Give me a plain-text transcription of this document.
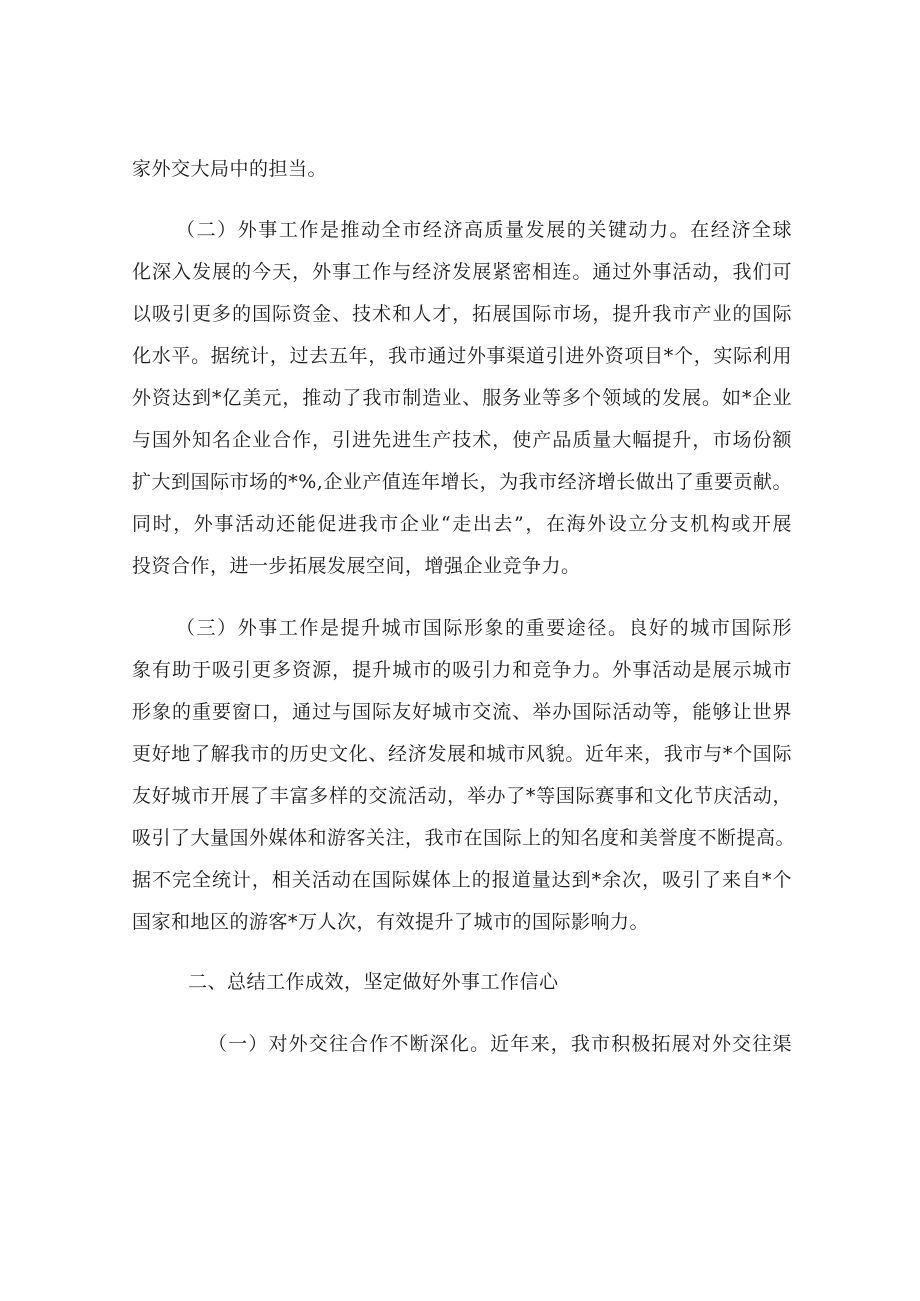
家外交大局中的担当。
（二）外事工作是推动全市经济高质量发展的关键动力。在经济全球
化深入发展的今天，外事工作与经济发展紧密相连。通过外事活动，我们可
以吸引更多的国际资金、技术和人才，拓展国际市场，提升我市产业的国际
化水平。据统计，过去五年，我市通过外事渠道引进外资项目*个，实际利用
外资达到*亿美元，推动了我市制造业、服务业等多个领域的发展。如*企业
与国外知名企业合作，引进先进生产技术，使产品质量大幅提升，市场份额
扩大到国际市场的*%,企业产值连年增长，为我市经济增长做出了重要贡献。
同时，外事活动还能促进我市企业“走出去”，在海外设立分支机构或开展
投资合作，进一步拓展发展空间，增强企业竞争力。
（三）外事工作是提升城市国际形象的重要途径。良好的城市国际形
象有助于吸引更多资源，提升城市的吸引力和竞争力。外事活动是展示城市
形象的重要窗口，通过与国际友好城市交流、举办国际活动等，能够让世界
更好地了解我市的历史文化、经济发展和城市风貌。近年来，我市与*个国际
友好城市开展了丰富多样的交流活动，举办了*等国际赛事和文化节庆活动，
吸引了大量国外媒体和游客关注，我市在国际上的知名度和美誉度不断提高。
据不完全统计，相关活动在国际媒体上的报道量达到*余次，吸引了来自*个
国家和地区的游客*万人次，有效提升了城市的国际影响力。
二、总结工作成效，坚定做好外事工作信心
（一）对外交往合作不断深化。近年来，我市积极拓展对外交往渠
